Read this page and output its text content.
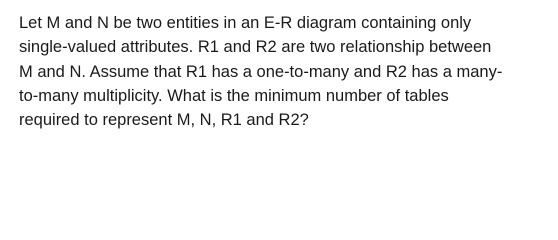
Let M and N be two entities in an E-R diagram containing only
single-valued attributes. R1 and R2 are two relationship between
M and N. Assume that R1 has a one-to-many and R2 has a many-
to-many multiplicity. What is the minimum number of tables
required to represent M, N, R1 and R2?
